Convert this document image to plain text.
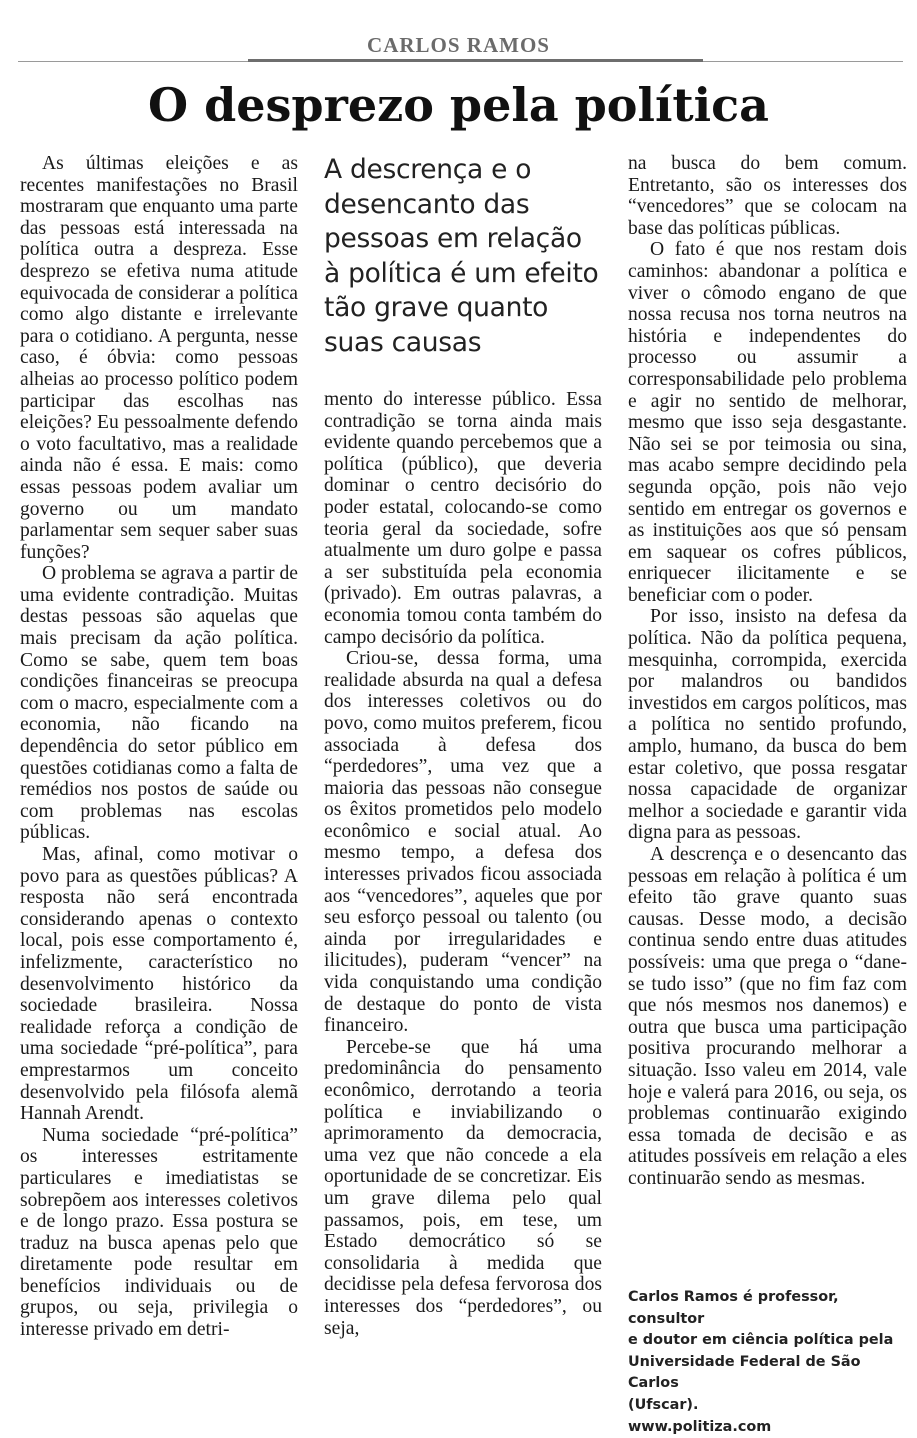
CARLOS RAMOS
O desprezo pela política

As últimas eleições e as recentes manifestações no Brasil mostraram que enquanto uma parte das pessoas está interessada na política outra a despreza. Esse desprezo se efetiva numa atitude equivocada de considerar a política como algo distante e irrelevante para o cotidiano. A pergunta, nesse caso, é óbvia: como pessoas alheias ao processo político podem participar das escolhas nas eleições? Eu pessoalmente defendo o voto facultativo, mas a realidade ainda não é essa. E mais: como essas pessoas podem avaliar um governo ou um mandato parlamentar sem sequer saber suas funções?

O problema se agrava a partir de uma evidente contradição. Muitas destas pessoas são aquelas que mais precisam da ação política. Como se sabe, quem tem boas condições financeiras se preocupa com o macro, especialmente com a economia, não ficando na dependência do setor público em questões cotidianas como a falta de remédios nos postos de saúde ou com problemas nas escolas públicas.

Mas, afinal, como motivar o povo para as questões públicas? A resposta não será encontrada considerando apenas o contexto local, pois esse comportamento é, infelizmente, característico no desenvolvimento histórico da sociedade brasileira. Nossa realidade reforça a condição de uma sociedade “pré-política”, para emprestarmos um conceito desenvolvido pela filósofa alemã Hannah Arendt.

Numa sociedade “pré-política” os interesses estritamente particulares e imediatistas se sobrepõem aos interesses coletivos e de longo prazo. Essa postura se traduz na busca apenas pelo que diretamente pode resultar em benefícios individuais ou de grupos, ou seja, privilegia o interesse privado em detri-

A descrença e o desencanto das pessoas em relação à política é um efeito tão grave quanto suas causas

mento do interesse público. Essa contradição se torna ainda mais evidente quando percebemos que a política (público), que deveria dominar o centro decisório do poder estatal, colocando-se como teoria geral da sociedade, sofre atualmente um duro golpe e passa a ser substituída pela economia (privado). Em outras palavras, a economia tomou conta também do campo decisório da política.

Criou-se, dessa forma, uma realidade absurda na qual a defesa dos interesses coletivos ou do povo, como muitos preferem, ficou associada à defesa dos “perdedores”, uma vez que a maioria das pessoas não consegue os êxitos prometidos pelo modelo econômico e social atual. Ao mesmo tempo, a defesa dos interesses privados ficou associada aos “vencedores”, aqueles que por seu esforço pessoal ou talento (ou ainda por irregularidades e ilicitudes), puderam “vencer” na vida conquistando uma condição de destaque do ponto de vista financeiro.

Percebe-se que há uma predominância do pensamento econômico, derrotando a teoria política e inviabilizando o aprimoramento da democracia, uma vez que não concede a ela oportunidade de se concretizar. Eis um grave dilema pelo qual passamos, pois, em tese, um Estado democrático só se consolidaria à medida que decidisse pela defesa fervorosa dos interesses dos “perdedores”, ou seja,

na busca do bem comum. Entretanto, são os interesses dos “vencedores” que se colocam na base das políticas públicas.

O fato é que nos restam dois caminhos: abandonar a política e viver o cômodo engano de que nossa recusa nos torna neutros na história e independentes do processo ou assumir a corresponsabilidade pelo problema e agir no sentido de melhorar, mesmo que isso seja desgastante. Não sei se por teimosia ou sina, mas acabo sempre decidindo pela segunda opção, pois não vejo sentido em entregar os governos e as instituições aos que só pensam em saquear os cofres públicos, enriquecer ilicitamente e se beneficiar com o poder.

Por isso, insisto na defesa da política. Não da política pequena, mesquinha, corrompida, exercida por malandros ou bandidos investidos em cargos políticos, mas a política no sentido profundo, amplo, humano, da busca do bem estar coletivo, que possa resgatar nossa capacidade de organizar melhor a sociedade e garantir vida digna para as pessoas.

A descrença e o desencanto das pessoas em relação à política é um efeito tão grave quanto suas causas. Desse modo, a decisão continua sendo entre duas atitudes possíveis: uma que prega o “dane-se tudo isso” (que no fim faz com que nós mesmos nos danemos) e outra que busca uma participação positiva procurando melhorar a situação. Isso valeu em 2014, vale hoje e valerá para 2016, ou seja, os problemas continuarão exigindo essa tomada de decisão e as atitudes possíveis em relação a eles continuarão sendo as mesmas.

Carlos Ramos é professor, consultor
e doutor em ciência política pela
Universidade Federal de São Carlos
(Ufscar).
www.politiza.com
